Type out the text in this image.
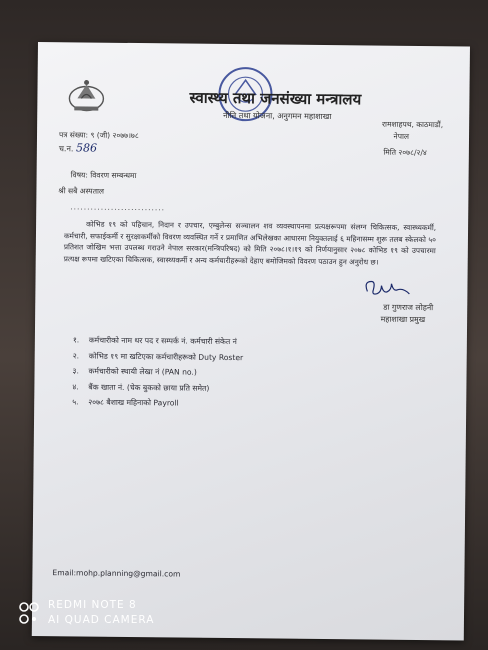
स्वास्थ्य तथा जनसंख्या मन्त्रालय
नीति तथा योजना, अनुगमन महाशाखा
रामशाहपथ, काठमाडौं,
नेपाल
मिति २०७८/२/४
पत्र संख्या: ९ (जी) २०७७।७८
च.न. 586
विषय: विवरण सम्बन्धमा
श्री सबै अस्पताल
............................
कोभिड १९ को पहिचान, निदान र उपचार, एम्बुलेन्स सञ्चालन शव व्यवस्थापनमा प्रत्यक्षरूपमा संलग्न चिकित्सक, स्वास्थ्यकर्मी, कर्मचारी, सफाईकर्मी र सुरक्षाकर्मीको विवरण व्यवस्थित गर्ने र प्रमाणित अभिलेखका आधारमा नियुक्तलाई ६ महिनासम्म शुरू तलब स्केलको ५० प्रतिशत जोखिम भत्ता उपलब्ध गराउने नेपाल सरकार(मन्त्रिपरिषद) को मिति २०७८।१।१९ को निर्णयानुसार २०७८ कोभिड १९ को उपचारमा प्रत्यक्ष रूपमा खटिएका चिकित्सक, स्वास्थ्यकर्मी र अन्य कर्मचारीहरूको देहाए बमोजिमको विवरण पठाउन हुन अनुरोध छ।
डा गुणराज लोहनी
महाशाखा प्रमुख
१. कर्मचारीको नाम थर पद र सम्पर्क नं. कर्मचारी संकेत नं
२. कोभिड १९ मा खटिएका कर्मचारीहरूको Duty Roster
३. कर्मचारीको स्थायी लेखा नं (PAN no.)
४. बैंक खाता नं. (चेक बुकको छाया प्रति समेत)
५. २०७८ बैशाख महिनाको Payroll
Email:mohp.planning@gmail.com
REDMI NOTE 8
AI QUAD CAMERA
